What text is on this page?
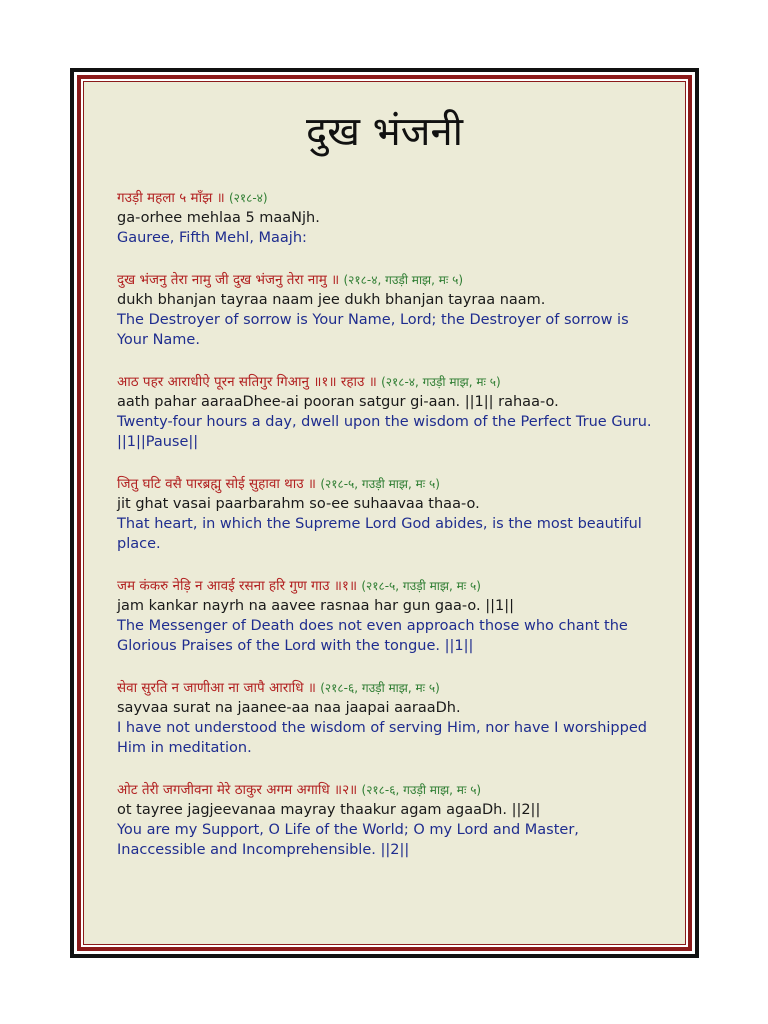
दुख भंजनी
गउड़ी महला ५ माँझ ॥ (२१८-४)
ga-orhee mehlaa 5 maaNjh.
Gauree, Fifth Mehl, Maajh:
दुख भंजनु तेरा नामु जी दुख भंजनु तेरा नामु ॥ (२१८-४, गउड़ी माझ, मः ५)
dukh bhanjan tayraa naam jee dukh bhanjan tayraa naam.
The Destroyer of sorrow is Your Name, Lord; the Destroyer of sorrow is Your Name.
आठ पहर आराधीऐ पूरन सतिगुर गिआनु ॥१॥ रहाउ ॥ (२१८-४, गउड़ी माझ, मः ५)
aath pahar aaraaDhee-ai pooran satgur gi-aan. ||1|| rahaa-o.
Twenty-four hours a day, dwell upon the wisdom of the Perfect True Guru. ||1||Pause||
जितु घटि वसै पारब्रह्मु सोई सुहावा थाउ ॥ (२१८-५, गउड़ी माझ, मः ५)
jit ghat vasai paarbarahm so-ee suhaavaa thaa-o.
That heart, in which the Supreme Lord God abides, is the most beautiful place.
जम कंकरु नेड़ि न आवई रसना हरि गुण गाउ ॥१॥ (२१८-५, गउड़ी माझ, मः ५)
jam kankar nayrh na aavee rasnaa har gun gaa-o. ||1||
The Messenger of Death does not even approach those who chant the Glorious Praises of the Lord with the tongue. ||1||
सेवा सुरति न जाणीआ ना जापै आराधि ॥ (२१८-६, गउड़ी माझ, मः ५)
sayvaa surat na jaanee-aa naa jaapai aaraaDh.
I have not understood the wisdom of serving Him, nor have I worshipped Him in meditation.
ओट तेरी जगजीवना मेरे ठाकुर अगम अगाधि ॥२॥ (२१८-६, गउड़ी माझ, मः ५)
ot tayree jagjeevanaa mayray thaakur agam agaaDh. ||2||
You are my Support, O Life of the World; O my Lord and Master, Inaccessible and Incomprehensible. ||2||
